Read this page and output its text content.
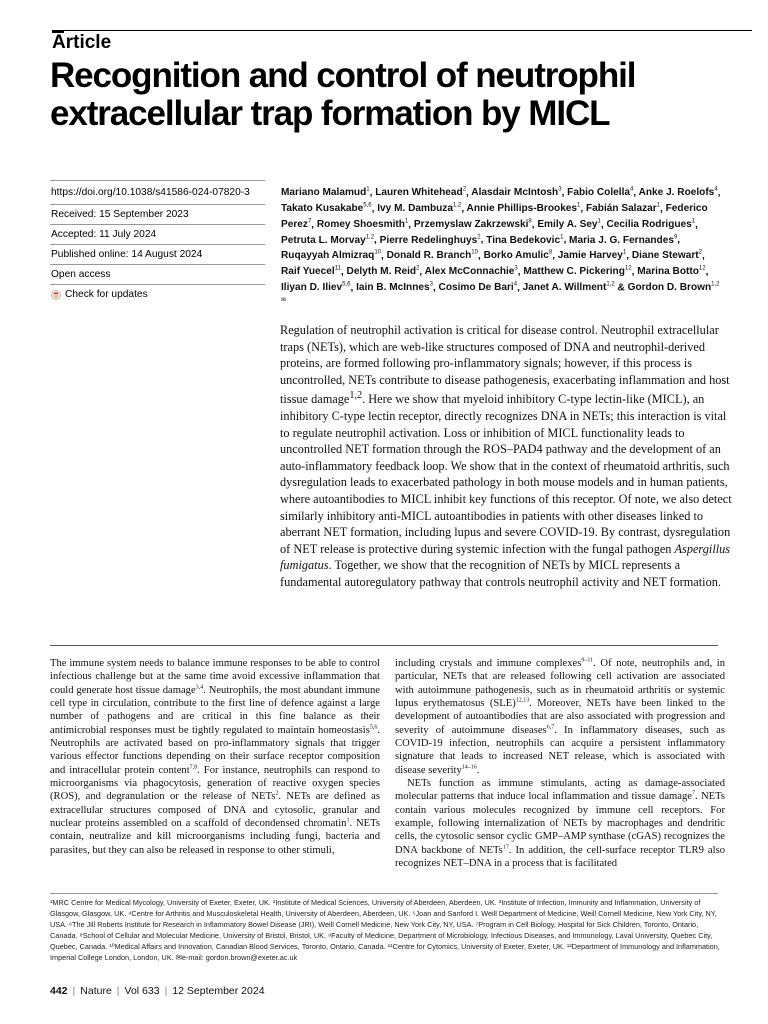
Article
Recognition and control of neutrophil extracellular trap formation by MICL
https://doi.org/10.1038/s41586-024-07820-3
Received: 15 September 2023
Accepted: 11 July 2024
Published online: 14 August 2024
Open access
Check for updates
Mariano Malamud$^1$, Lauren Whitehead$^2$, Alasdair McIntosh$^3$, Fabio Colella$^4$, Anke J. Roelofs$^4$, Takato Kusakabe$^{5,6}$, Ivy M. Dambuza$^{1,2}$, Annie Phillips-Brookes$^1$, Fabián Salazar$^1$, Federico Perez$^7$, Romey Shoesmith$^1$, Przemyslaw Zakrzewski$^8$, Emily A. Sey$^1$, Cecilia Rodrigues$^1$, Petruta L. Morvay$^{1,2}$, Pierre Redelinghuys$^2$, Tina Bedekovic$^1$, Maria J. G. Fernandes$^9$, Ruqayyah Almizraq$^{10}$, Donald R. Branch$^{10}$, Borko Amulic$^8$, Jamie Harvey$^1$, Diane Stewart$^2$, Raif Yuecel$^{11}$, Delyth M. Reid$^2$, Alex McConnachie$^3$, Matthew C. Pickering$^{12}$, Marina Botto$^{12}$, Iliyan D. Iliev$^{5,6}$, Iain B. McInnes$^3$, Cosimo De Bari$^4$, Janet A. Willment$^{1,2}$ & Gordon D. Brown$^{1,2✉}$
Regulation of neutrophil activation is critical for disease control. Neutrophil extracellular traps (NETs), which are web-like structures composed of DNA and neutrophil-derived proteins, are formed following pro-inflammatory signals; however, if this process is uncontrolled, NETs contribute to disease pathogenesis, exacerbating inflammation and host tissue damage$^{1,2}$. Here we show that myeloid inhibitory C-type lectin-like (MICL), an inhibitory C-type lectin receptor, directly recognizes DNA in NETs; this interaction is vital to regulate neutrophil activation. Loss or inhibition of MICL functionality leads to uncontrolled NET formation through the ROS–PAD4 pathway and the development of an auto-inflammatory feedback loop. We show that in the context of rheumatoid arthritis, such dysregulation leads to exacerbated pathology in both mouse models and in human patients, where autoantibodies to MICL inhibit key functions of this receptor. Of note, we also detect similarly inhibitory anti-MICL autoantibodies in patients with other diseases linked to aberrant NET formation, including lupus and severe COVID-19. By contrast, dysregulation of NET release is protective during systemic infection with the fungal pathogen Aspergillus fumigatus. Together, we show that the recognition of NETs by MICL represents a fundamental autoregulatory pathway that controls neutrophil activity and NET formation.

The immune system needs to balance immune responses to be able to control infectious challenge but at the same time avoid excessive inflammation that could generate host tissue damage$^{3,4}$. Neutrophils, the most abundant immune cell type in circulation, contribute to the first line of defence against a large number of pathogens and are critical in this fine balance as their antimicrobial responses must be tightly regulated to maintain homeostasis$^{5,6}$. Neutrophils are activated based on pro-inflammatory signals that trigger various effector functions depending on their surface receptor composition and intracellular protein content$^{7,8}$. For instance, neutrophils can respond to microorganisms via phagocytosis, generation of reactive oxygen species (ROS), and degranulation or the release of NETs$^2$. NETs are defined as extracellular structures composed of DNA and cytosolic, granular and nuclear proteins assembled on a scaffold of decondensed chromatin$^1$. NETs contain, neutralize and kill microorganisms including fungi, bacteria and parasites, but they can also be released in response to other stimuli,

including crystals and immune complexes$^{9-11}$. Of note, neutrophils and, in particular, NETs that are released following cell activation are associated with autoimmune pathogenesis, such as in rheumatoid arthritis or systemic lupus erythematosus (SLE)$^{12,13}$. Moreover, NETs have been linked to the development of autoantibodies that are also associated with progression and severity of autoimmune diseases$^{6,7}$. In inflammatory diseases, such as COVID-19 infection, neutrophils can acquire a persistent inflammatory signature that leads to increased NET release, which is associated with disease severity$^{14-16}$.

NETs function as immune stimulants, acting as damage-associated molecular patterns that induce local inflammation and tissue damage$^7$. NETs contain various molecules recognized by immune cell receptors. For example, following internalization of NETs by macrophages and dendritic cells, the cytosolic sensor cyclic GMP–AMP synthase (cGAS) recognizes the DNA backbone of NETs$^{17}$. In addition, the cell-surface receptor TLR9 also recognizes NET–DNA in a process that is facilitated

¹MRC Centre for Medical Mycology, University of Exeter, Exeter, UK. ²Institute of Medical Sciences, University of Aberdeen, Aberdeen, UK. ³Institute of Infection, Immunity and Inflammation, University of Glasgow, Glasgow, UK. ⁴Centre for Arthritis and Musculoskeletal Health, University of Aberdeen, Aberdeen, UK. ⁵Joan and Sanford I. Weill Department of Medicine, Weill Cornell Medicine, New York City, NY, USA. ⁶The Jill Roberts Institute for Research in Inflammatory Bowel Disease (JRI), Weill Cornell Medicine, New York City, NY, USA. ⁷Program in Cell Biology, Hospital for Sick Children, Toronto, Ontario, Canada. ⁸School of Cellular and Molecular Medicine, University of Bristol, Bristol, UK. ⁹Faculty of Medicine, Department of Microbiology, Infectious Diseases, and Immunology, Laval University, Quebec City, Quebec, Canada. ¹⁰Medical Affairs and Innovation, Canadian Blood Services, Toronto, Ontario, Canada. ¹¹Centre for Cytomics, University of Exeter, Exeter, UK. ¹²Department of Immunology and Inflammation, Imperial College London, London, UK. ✉e-mail: gordon.brown@exeter.ac.uk
442 | Nature | Vol 633 | 12 September 2024
